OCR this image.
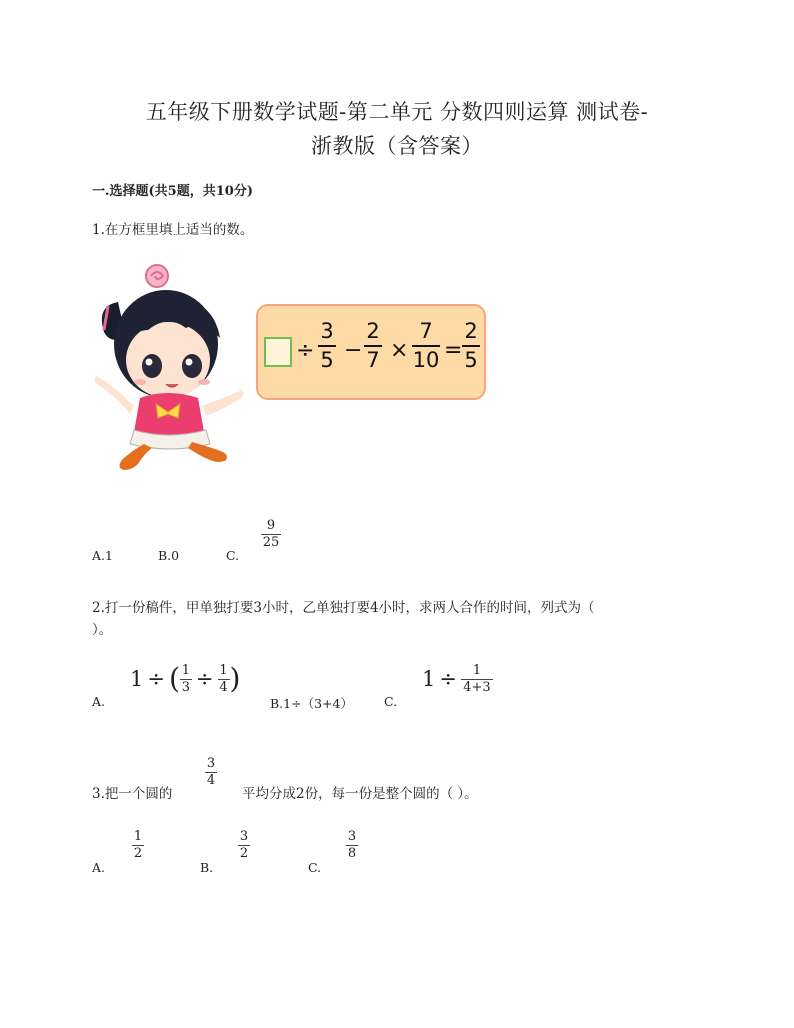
五年级下册数学试题-第二单元 分数四则运算 测试卷-
浙教版（含答案）
一.选择题(共5题，共10分)
1.在方框里填上适当的数。
÷
3
5 −
2
7 ×
7
10 =
2
5
A.1	B.0	C.
9
25
2.打一份稿件，甲单独打要3小时，乙单独打要4小时，求两人合作的时间，列式为（
）。
A.
1 ÷ ( $\frac{1}{3} \div \frac{1}{4}$ )
B.1÷（3+4） C.
$1 \div \frac{1}{4+3}$
3.把一个圆的
3
4
平均分成2份，每一份是整个圆的（ ）。
A.
1
2
B.
3
2
C.
3
8
